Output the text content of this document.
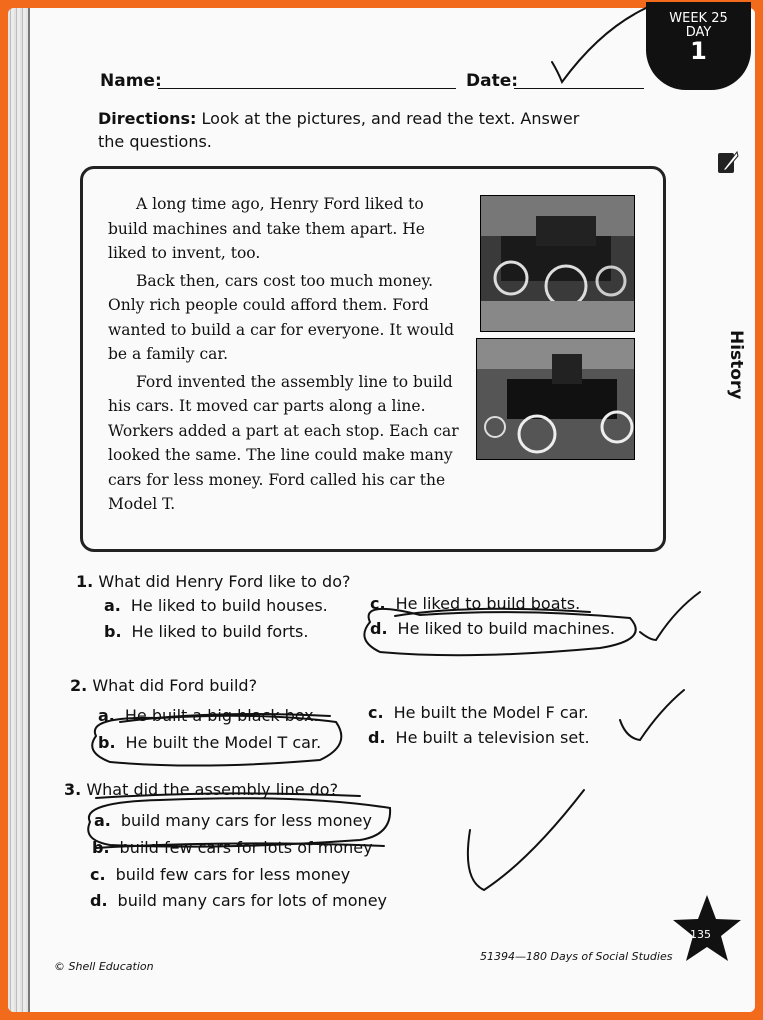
WEEK 25
DAY
1
Name:	Date:
Directions: Look at the pictures, and read the text. Answer the questions.
History

A long time ago, Henry Ford liked to build machines and take them apart. He liked to invent, too.

Back then, cars cost too much money. Only rich people could afford them. Ford wanted to build a car for everyone. It would be a family car.

Ford invented the assembly line to build his cars. It moved car parts along a line. Workers added a part at each stop. Each car looked the same. The line could make many cars for less money. Ford called his car the Model T.

1. What did Henry Ford like to do?
a. He liked to build houses.
b. He liked to build forts.
c. He liked to build boats.
d. He liked to build machines.
2. What did Ford build?
a. He built a big black box.
b. He built the Model T car.
c. He built the Model F car.
d. He built a television set.
3. What did the assembly line do?
a. build many cars for less money
b. build few cars for lots of money
c. build few cars for less money
d. build many cars for lots of money
© Shell Education
51394—180 Days of Social Studies
135
